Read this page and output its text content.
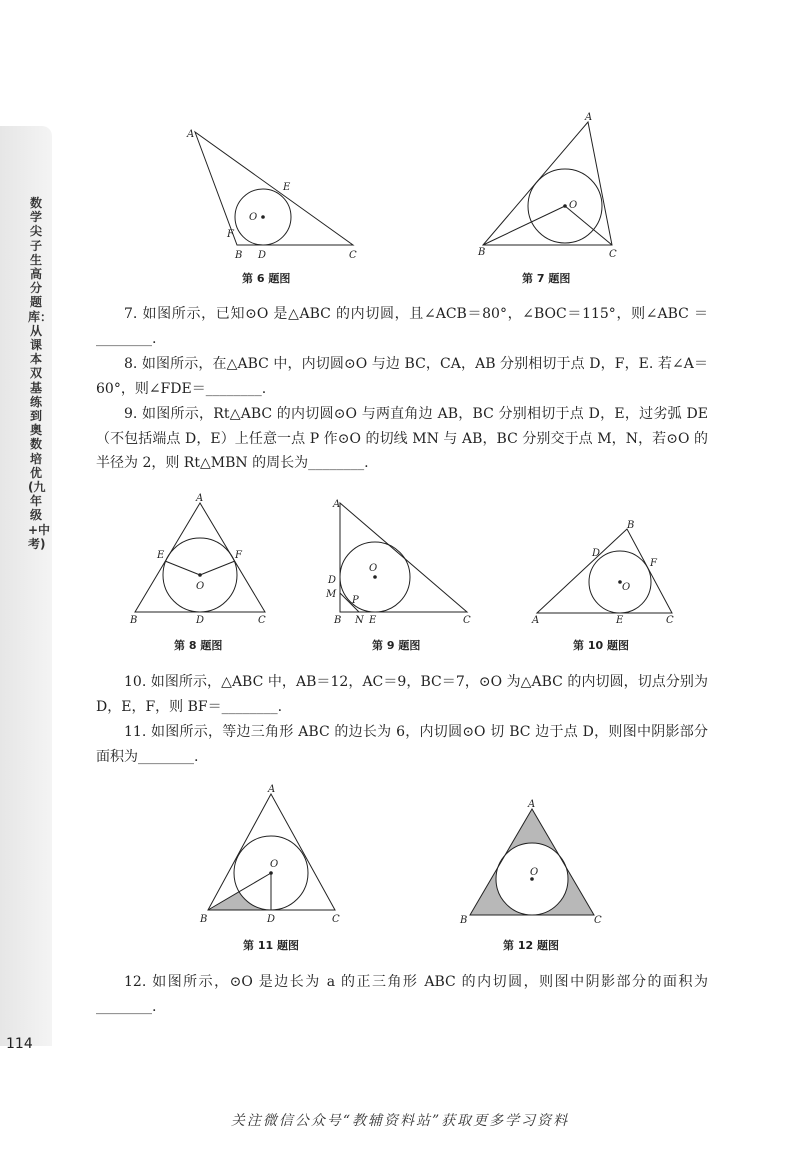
数学尖子生高分题库：从课本双基练到奥数培优(九年级+中考)
114
A
E
O
F
B D	C
第 6 题图
A
O
B	C
第 7 题图
7. 如图所示，已知⊙O 是△ABC 的内切圆，且∠ACB＝80°，∠BOC＝115°，则∠ABC ＝________.
8. 如图所示，在△ABC 中，内切圆⊙O 与边 BC，CA，AB 分别相切于点 D，F，E. 若∠A＝60°，则∠FDE＝________.
9. 如图所示，Rt△ABC 的内切圆⊙O 与两直角边 AB，BC 分别相切于点 D，E，过劣弧 DE（不包括端点 D，E）上任意一点 P 作⊙O 的切线 MN 与 AB，BC 分别交于点 M，N，若⊙O 的半径为 2，则 Rt△MBN 的周长为________.
A
E	F
O
B	D	C
第 8 题图
A
O
D
M
P
B N E	C
第 9 题图
B
D
F
O
A	E	C
第 10 题图
10. 如图所示，△ABC 中，AB＝12，AC＝9，BC＝7，⊙O 为△ABC 的内切圆，切点分别为 D，E，F，则 BF＝________.
11. 如图所示，等边三角形 ABC 的边长为 6，内切圆⊙O 切 BC 边于点 D，则图中阴影部分面积为________.
A
O
B	D	C
第 11 题图
A
O
B	C
第 12 题图
12. 如图所示，⊙O 是边长为 a 的正三角形 ABC 的内切圆，则图中阴影部分的面积为________.
关注微信公众号“教辅资料站”获取更多学习资料
